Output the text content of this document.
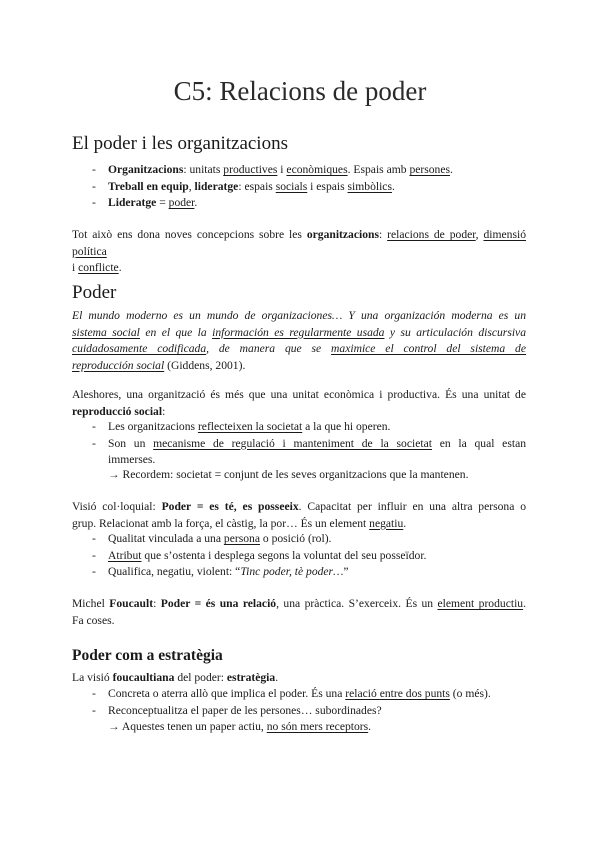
C5: Relacions de poder
El poder i les organitzacions
- Organitzacions: unitats productives i econòmiques. Espais amb persones.
- Treball en equip, lideratge: espais socials i espais simbòlics.
- Lideratge = poder.
Tot això ens dona noves concepcions sobre les organitzacions: relacions de poder, dimensió política
i conflicte.
Poder
El mundo moderno es un mundo de organizaciones… Y una organización moderna es un
sistema social en el que la información es regularmente usada y su articulación discursiva
cuidadosamente codificada, de manera que se maximice el control del sistema de
reproducción social (Giddens, 2001).
Aleshores, una organització és més que una unitat econòmica i productiva. És una unitat de
reproducció social:
- Les organitzacions reflecteixen la societat a la que hi operen.
- Son un mecanisme de regulació i manteniment de la societat en la qual estan
immerses.
→ Recordem: societat = conjunt de les seves organitzacions que la mantenen.
Visió col·loquial: Poder = es té, es posseeix. Capacitat per influir en una altra persona o
grup. Relacionat amb la força, el càstig, la por… És un element negatiu.
- Qualitat vinculada a una persona o posició (rol).
- Atribut que s’ostenta i desplega segons la voluntat del seu posseïdor.
- Qualifica, negatiu, violent: “Tinc poder, tè poder…”
Michel Foucault: Poder = és una relació, una pràctica. S’exerceix. És un element productiu.
Fa coses.
Poder com a estratègia
La visió foucaultiana del poder: estratègia.
- Concreta o aterra allò que implica el poder. És una relació entre dos punts (o més).
- Reconceptualitza el paper de les persones… subordinades?
→ Aquestes tenen un paper actiu, no són mers receptors.
